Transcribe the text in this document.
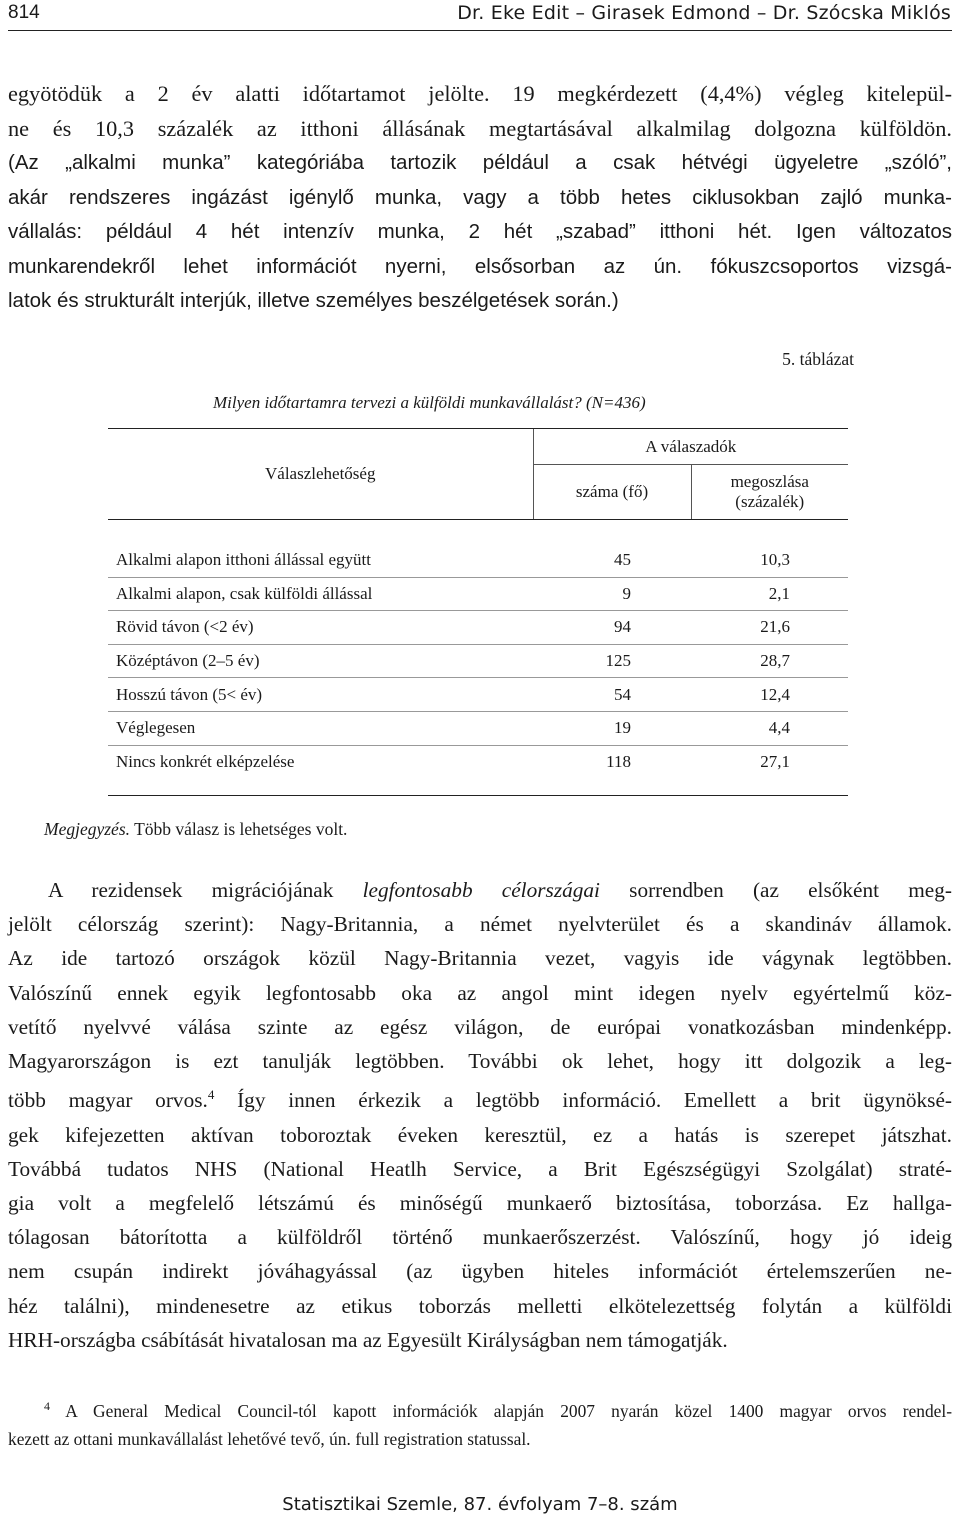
814	Dr. Eke Edit – Girasek Edmond – Dr. Szócska Miklós
egyötödük a 2 év alatti időtartamot jelölte. 19 megkérdezett (4,4%) végleg kitelepül-
ne és 10,3 százalék az itthoni állásának megtartásával alkalmilag dolgozna külföldön.
(Az „alkalmi munka” kategóriába tartozik például a csak hétvégi ügyeletre „szóló”,
akár rendszeres ingázást igénylő munka, vagy a több hetes ciklusokban zajló munka-
vállalás: például 4 hét intenzív munka, 2 hét „szabad” itthoni hét. Igen változatos
munkarendekről lehet információt nyerni, elsősorban az ún. fókuszcsoportos vizsgá-
latok és strukturált interjúk, illetve személyes beszélgetések során.)
5. táblázat
Milyen időtartamra tervezi a külföldi munkavállalást? (N=436)
Válaszlehetőség	A válaszadók	
	száma (fő)	megoszlása
(százalék)

Alkalmi alapon itthoni állással együtt	45	10,3
Alkalmi alapon, csak külföldi állással	9	2,1
Rövid távon (<2 év)	94	21,6
Középtávon (2–5 év)	125	28,7
Hosszú távon (5< év)	54	12,4
Véglegesen	19	4,4
Nincs konkrét elképzelése	118	27,1

Megjegyzés. Több válasz is lehetséges volt.
A rezidensek migrációjának legfontosabb célországai sorrendben (az elsőként meg-
jelölt célország szerint): Nagy-Britannia, a német nyelvterület és a skandináv államok.
Az ide tartozó országok közül Nagy-Britannia vezet, vagyis ide vágynak legtöbben.
Valószínű ennek egyik legfontosabb oka az angol mint idegen nyelv egyértelmű köz-
vetítő nyelvvé válása szinte az egész világon, de európai vonatkozásban mindenképp.
Magyarországon is ezt tanulják legtöbben. További ok lehet, hogy itt dolgozik a leg-
több magyar orvos.$^4$ Így innen érkezik a legtöbb információ. Emellett a brit ügynöksé-
gek kifejezetten aktívan toboroztak éveken keresztül, ez a hatás is szerepet játszhat.
Továbbá tudatos NHS (National Heatlh Service, a Brit Egészségügyi Szolgálat) straté-
gia volt a megfelelő létszámú és minőségű munkaerő biztosítása, toborzása. Ez hallga-
tólagosan bátorította a külföldről történő munkaerőszerzést. Valószínű, hogy jó ideig
nem csupán indirekt jóváhagyással (az ügyben hiteles információt értelemszerűen ne-
héz találni), mindenesetre az etikus toborzás melletti elkötelezettség folytán a külföldi
HRH-országba csábítását hivatalosan ma az Egyesült Királyságban nem támogatják.
$^4$ A General Medical Council-tól kapott információk alapján 2007 nyarán közel 1400 magyar orvos rendel-
kezett az ottani munkavállalást lehetővé tevő, ún. full registration statussal.
Statisztikai Szemle, 87. évfolyam 7–8. szám
